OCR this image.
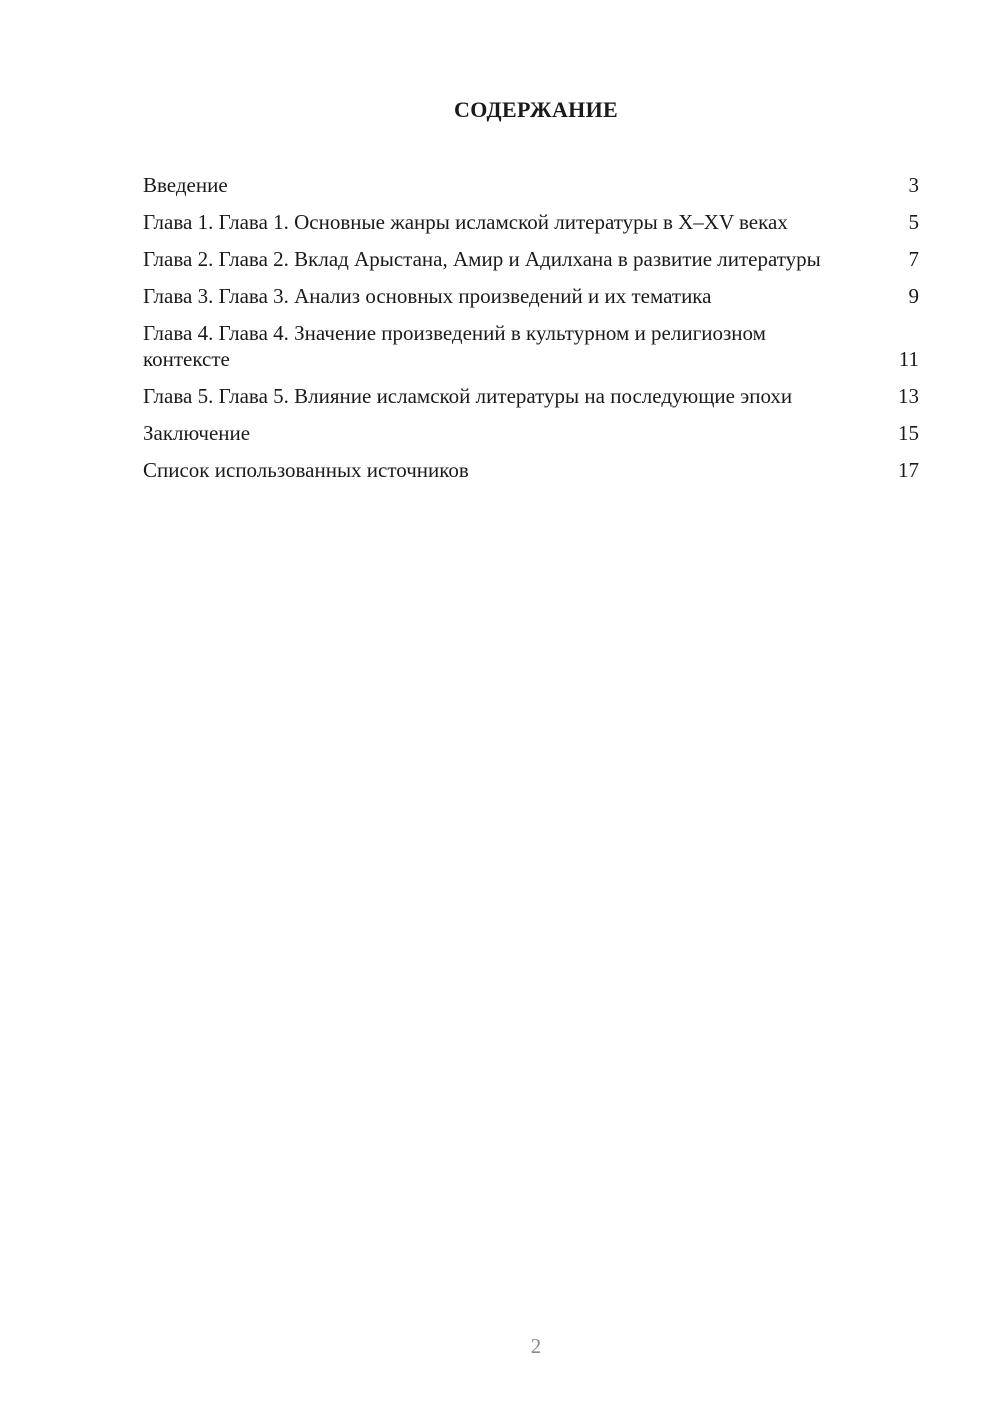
СОДЕРЖАНИЕ
Введение	3
Глава 1. Глава 1. Основные жанры исламской литературы в X–XV веках	5
Глава 2. Глава 2. Вклад Арыстана, Амир и Адилхана в развитие литературы	7
Глава 3. Глава 3. Анализ основных произведений и их тематика	9
Глава 4. Глава 4. Значение произведений в культурном и религиозном контексте	11
Глава 5. Глава 5. Влияние исламской литературы на последующие эпохи	13
Заключение	15
Список использованных источников	17
2
